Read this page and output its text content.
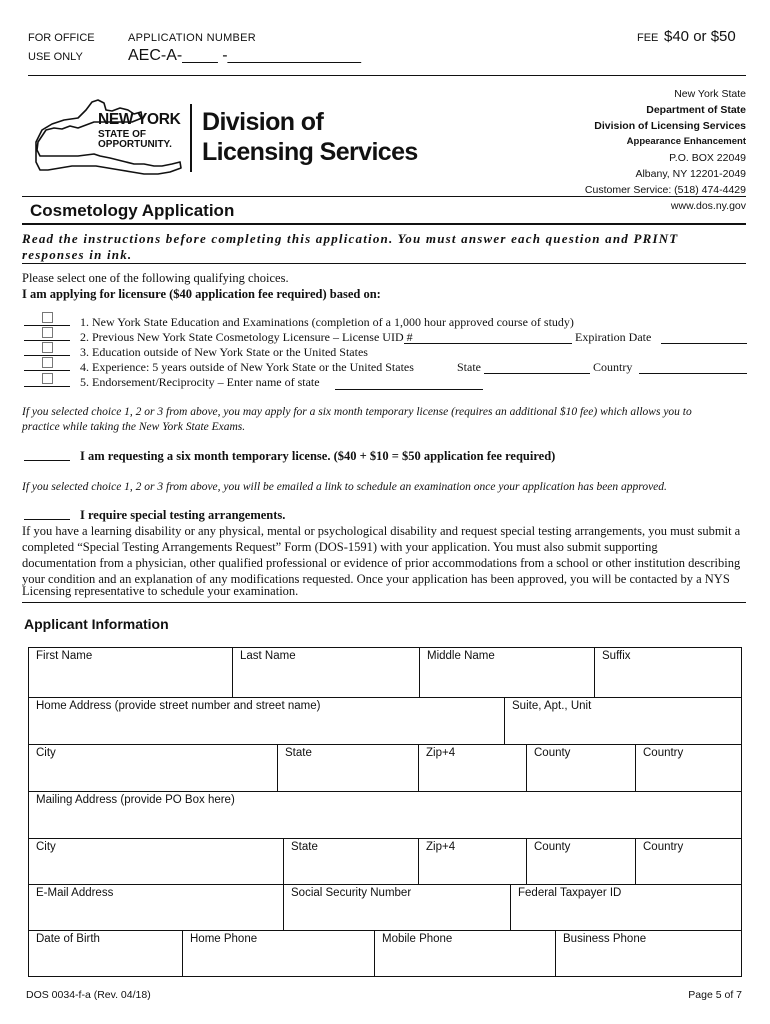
FOR OFFICE
USE ONLY
APPLICATION NUMBER
AEC-A-____ -_______________
FEE $40 or $50
NEW YORK
STATE OF
OPPORTUNITY.
Division of
Licensing Services
New York State
Department of State
Division of Licensing Services
Appearance Enhancement
P.O. BOX 22049
Albany, NY 12201-2049
Customer Service: (518) 474-4429
www.dos.ny.gov
Cosmetology Application
Read the instructions before completing this application. You must answer each question and PRINT
responses in ink.
Please select one of the following qualifying choices.
I am applying for licensure ($40 application fee required) based on:
1. New York State Education and Examinations (completion of a 1,000 hour approved course of study)
2. Previous New York State Cosmetology Licensure – License UID #	Expiration Date
3. Education outside of New York State or the United States
4. Experience: 5 years outside of New York State or the United States	State	Country
5. Endorsement/Reciprocity – Enter name of state
If you selected choice 1, 2 or 3 from above, you may apply for a six month temporary license (requires an additional $10 fee) which allows you to
practice while taking the New York State Exams.
I am requesting a six month temporary license. ($40 + $10 = $50 application fee required)
If you selected choice 1, 2 or 3 from above, you will be emailed a link to schedule an examination once your application has been approved.
I require special testing arrangements.
If you have a learning disability or any physical, mental or psychological disability and request special testing arrangements, you must submit a
completed “Special Testing Arrangements Request” Form (DOS-1591) with your application. You must also submit supporting
documentation from a physician, other qualified professional or evidence of prior accommodations from a school or other institution describing
your condition and an explanation of any modifications requested. Once your application has been approved, you will be contacted by a NYS
Licensing representative to schedule your examination.
Applicant Information
First Name	Last Name	Middle Name	Suffix
Home Address (provide street number and street name)	Suite, Apt., Unit
City	State	Zip+4	County	Country
Mailing Address (provide PO Box here)
City	State	Zip+4	County	Country
E-Mail Address	Social Security Number	Federal Taxpayer ID
Date of Birth	Home Phone	Mobile Phone	Business Phone
DOS 0034-f-a (Rev. 04/18)	Page 5 of 7
